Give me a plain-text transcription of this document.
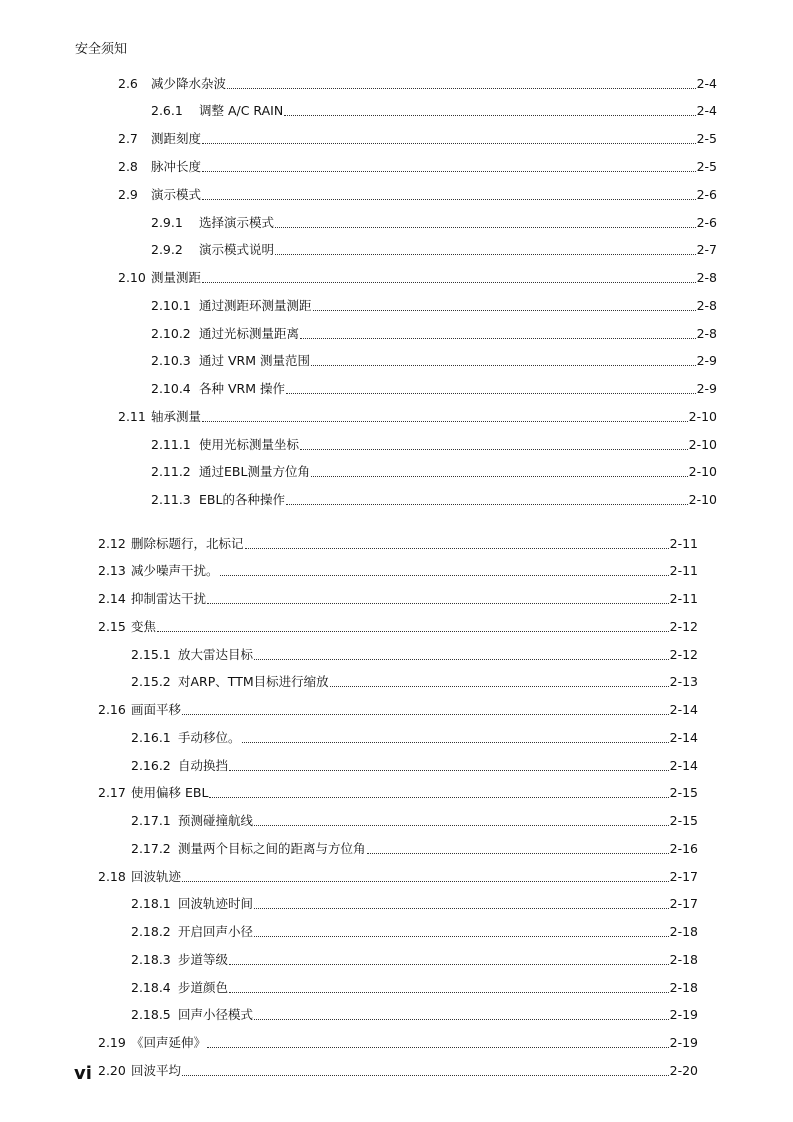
安全须知
2.6	减少降水杂波	2-4
2.6.1	调整 A/C RAIN	2-4
2.7	测距刻度	2-5
2.8	脉冲长度	2-5
2.9	演示模式	2-6
2.9.1	选择演示模式	2-6
2.9.2	演示模式说明	2-7
2.10 测量测距	2-8
2.10.1 通过测距环测量测距	2-8
2.10.2 通过光标测量距离	2-8
2.10.3 通过 VRM 测量范围	2-9
2.10.4 各种 VRM 操作	2-9
2.11 轴承测量	2-10
2.11.1 使用光标测量坐标	2-10
2.11.2 通过EBL测量方位角	2-10
2.11.3 EBL的各种操作	2-10
2.12 删除标题行，北标记	2-11
2.13 减少噪声干扰。	2-11
2.14 抑制雷达干扰	2-11
2.15 变焦	2-12
2.15.1 放大雷达目标	2-12
2.15.2 对ARP、TTM目标进行缩放	2-13
2.16 画面平移	2-14
2.16.1 手动移位。	2-14
2.16.2 自动换挡	2-14
2.17 使用偏移 EBL	2-15
2.17.1 预测碰撞航线	2-15
2.17.2 测量两个目标之间的距离与方位角	2-16
2.18 回波轨迹	2-17
2.18.1 回波轨迹时间	2-17
2.18.2 开启回声小径	2-18
2.18.3 步道等级	2-18
2.18.4 步道颜色	2-18
2.18.5 回声小径模式	2-19
2.19 《回声延伸》	2-19
2.20 回波平均	2-20
vi
